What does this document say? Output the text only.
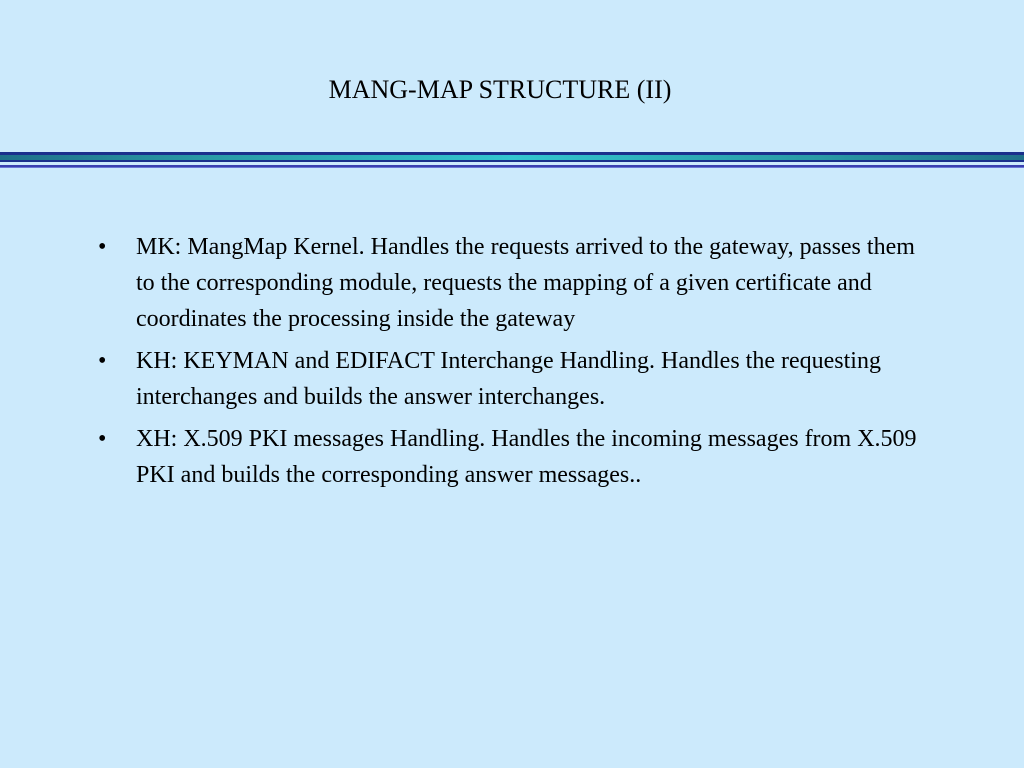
MANG-MAP STRUCTURE (II)
•	MK: MangMap Kernel. Handles the requests arrived to the gateway, passes them to the corresponding module, requests the mapping of a given certificate and coordinates the processing inside the gateway
•	KH: KEYMAN and EDIFACT Interchange Handling. Handles the requesting interchanges and builds the answer interchanges.
•	XH: X.509 PKI messages Handling. Handles the incoming messages from X.509 PKI and builds the corresponding answer messages..
